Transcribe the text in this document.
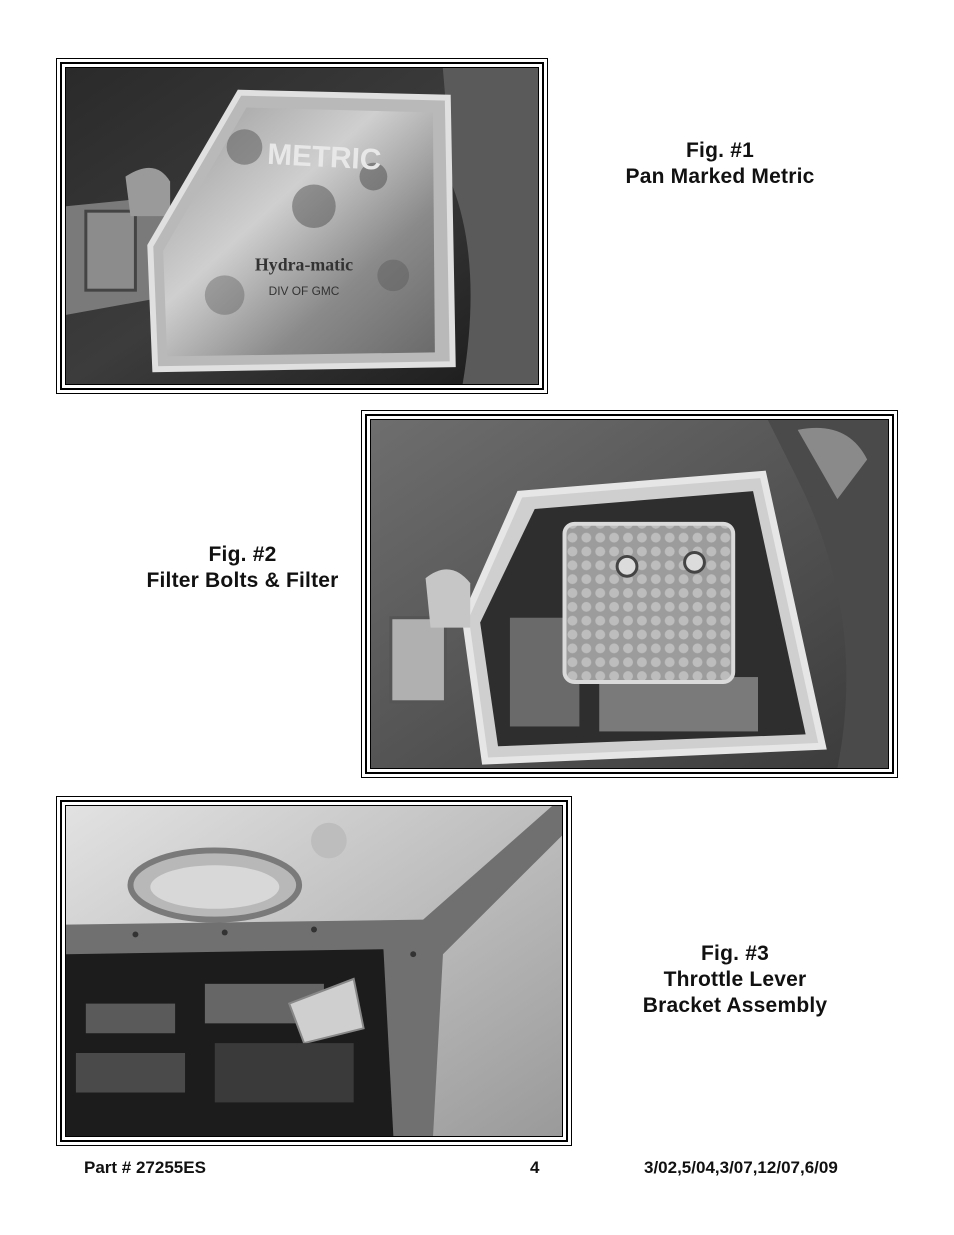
METRIC
Hydra-matic
DIV OF GMC
Fig. #1
Pan Marked Metric
Fig. #2
Filter Bolts & Filter
Fig. #3
Throttle Lever
Bracket Assembly
Part # 27255ES	4	3/02,5/04,3/07,12/07,6/09
